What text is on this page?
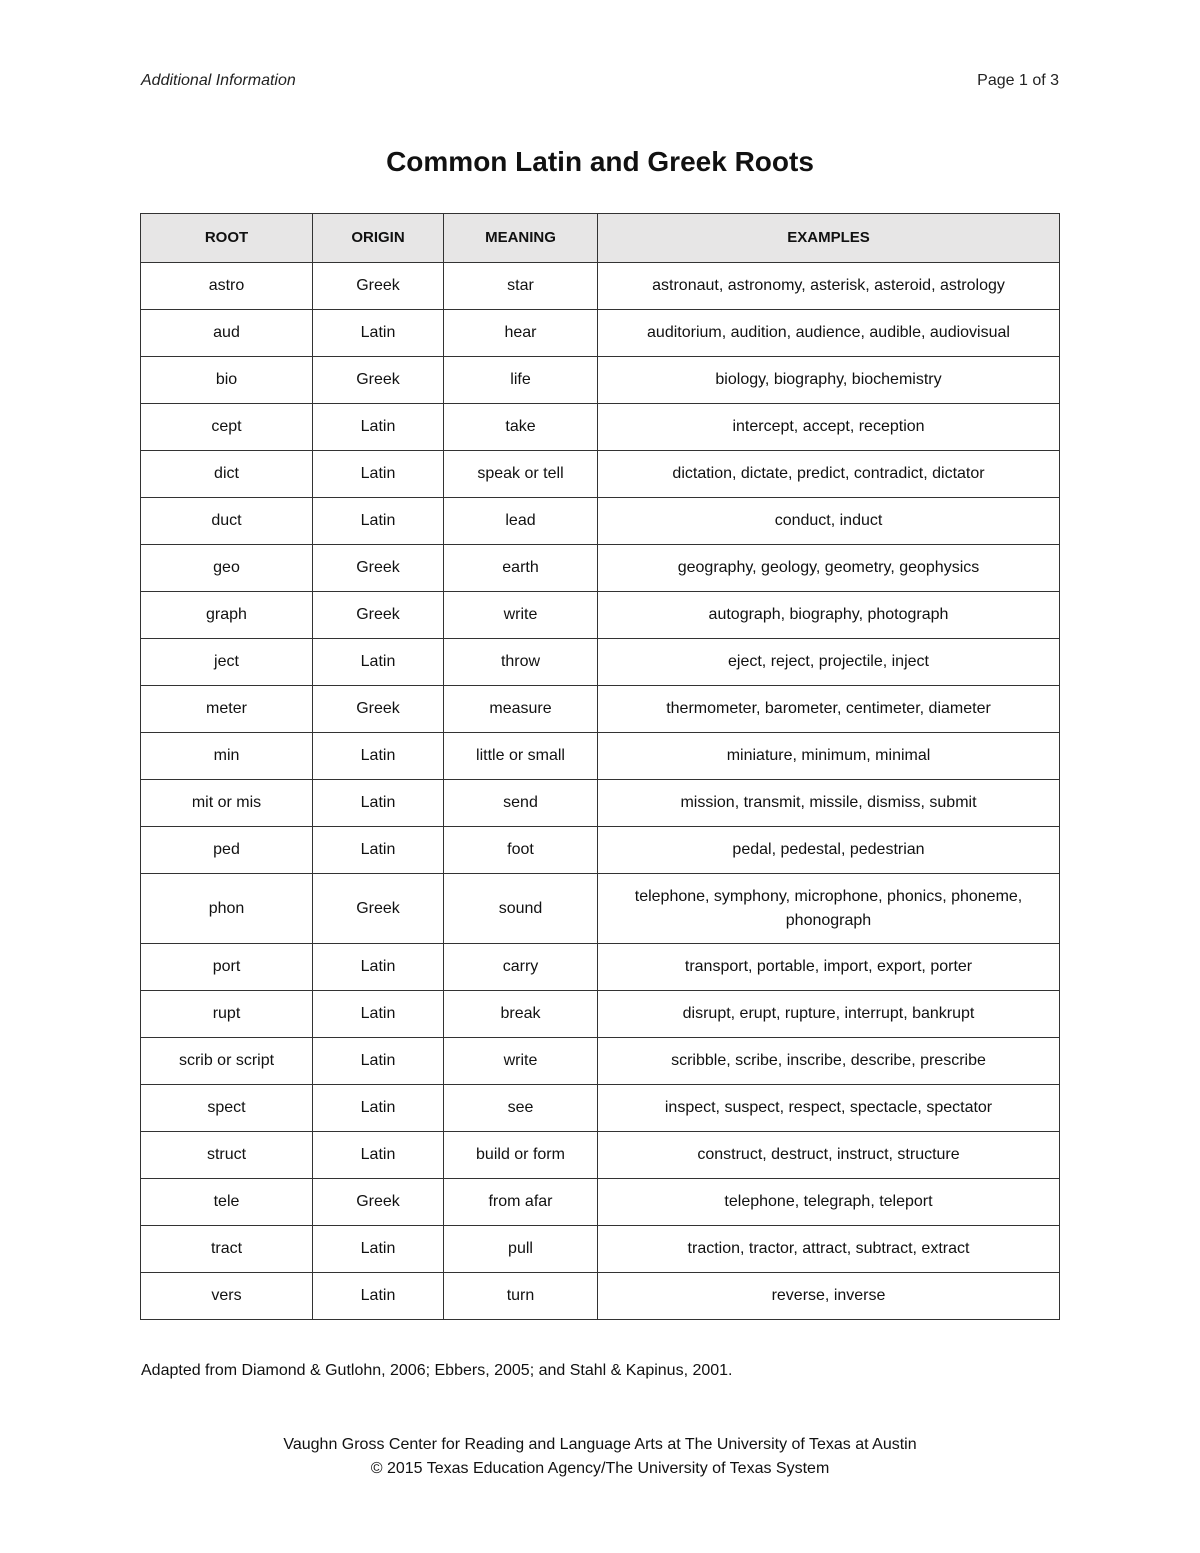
Additional Information	Page 1 of 3
Common Latin and Greek Roots
ROOT	ORIGIN	MEANING	EXAMPLES
astro	Greek	star	astronaut, astronomy, asterisk, asteroid, astrology
aud	Latin	hear	auditorium, audition, audience, audible, audiovisual
bio	Greek	life	biology, biography, biochemistry
cept	Latin	take	intercept, accept, reception
dict	Latin	speak or tell	dictation, dictate, predict, contradict, dictator
duct	Latin	lead	conduct, induct
geo	Greek	earth	geography, geology, geometry, geophysics
graph	Greek	write	autograph, biography, photograph
ject	Latin	throw	eject, reject, projectile, inject
meter	Greek	measure	thermometer, barometer, centimeter, diameter
min	Latin	little or small	miniature, minimum, minimal
mit or mis	Latin	send	mission, transmit, missile, dismiss, submit
ped	Latin	foot	pedal, pedestal, pedestrian
phon	Greek	sound	telephone, symphony, microphone, phonics, phoneme, phonograph
port	Latin	carry	transport, portable, import, export, porter
rupt	Latin	break	disrupt, erupt, rupture, interrupt, bankrupt
scrib or script	Latin	write	scribble, scribe, inscribe, describe, prescribe
spect	Latin	see	inspect, suspect, respect, spectacle, spectator
struct	Latin	build or form	construct, destruct, instruct, structure
tele	Greek	from afar	telephone, telegraph, teleport
tract	Latin	pull	traction, tractor, attract, subtract, extract
vers	Latin	turn	reverse, inverse
Adapted from Diamond & Gutlohn, 2006; Ebbers, 2005; and Stahl & Kapinus, 2001.
Vaughn Gross Center for Reading and Language Arts at The University of Texas at Austin
© 2015 Texas Education Agency/The University of Texas System
